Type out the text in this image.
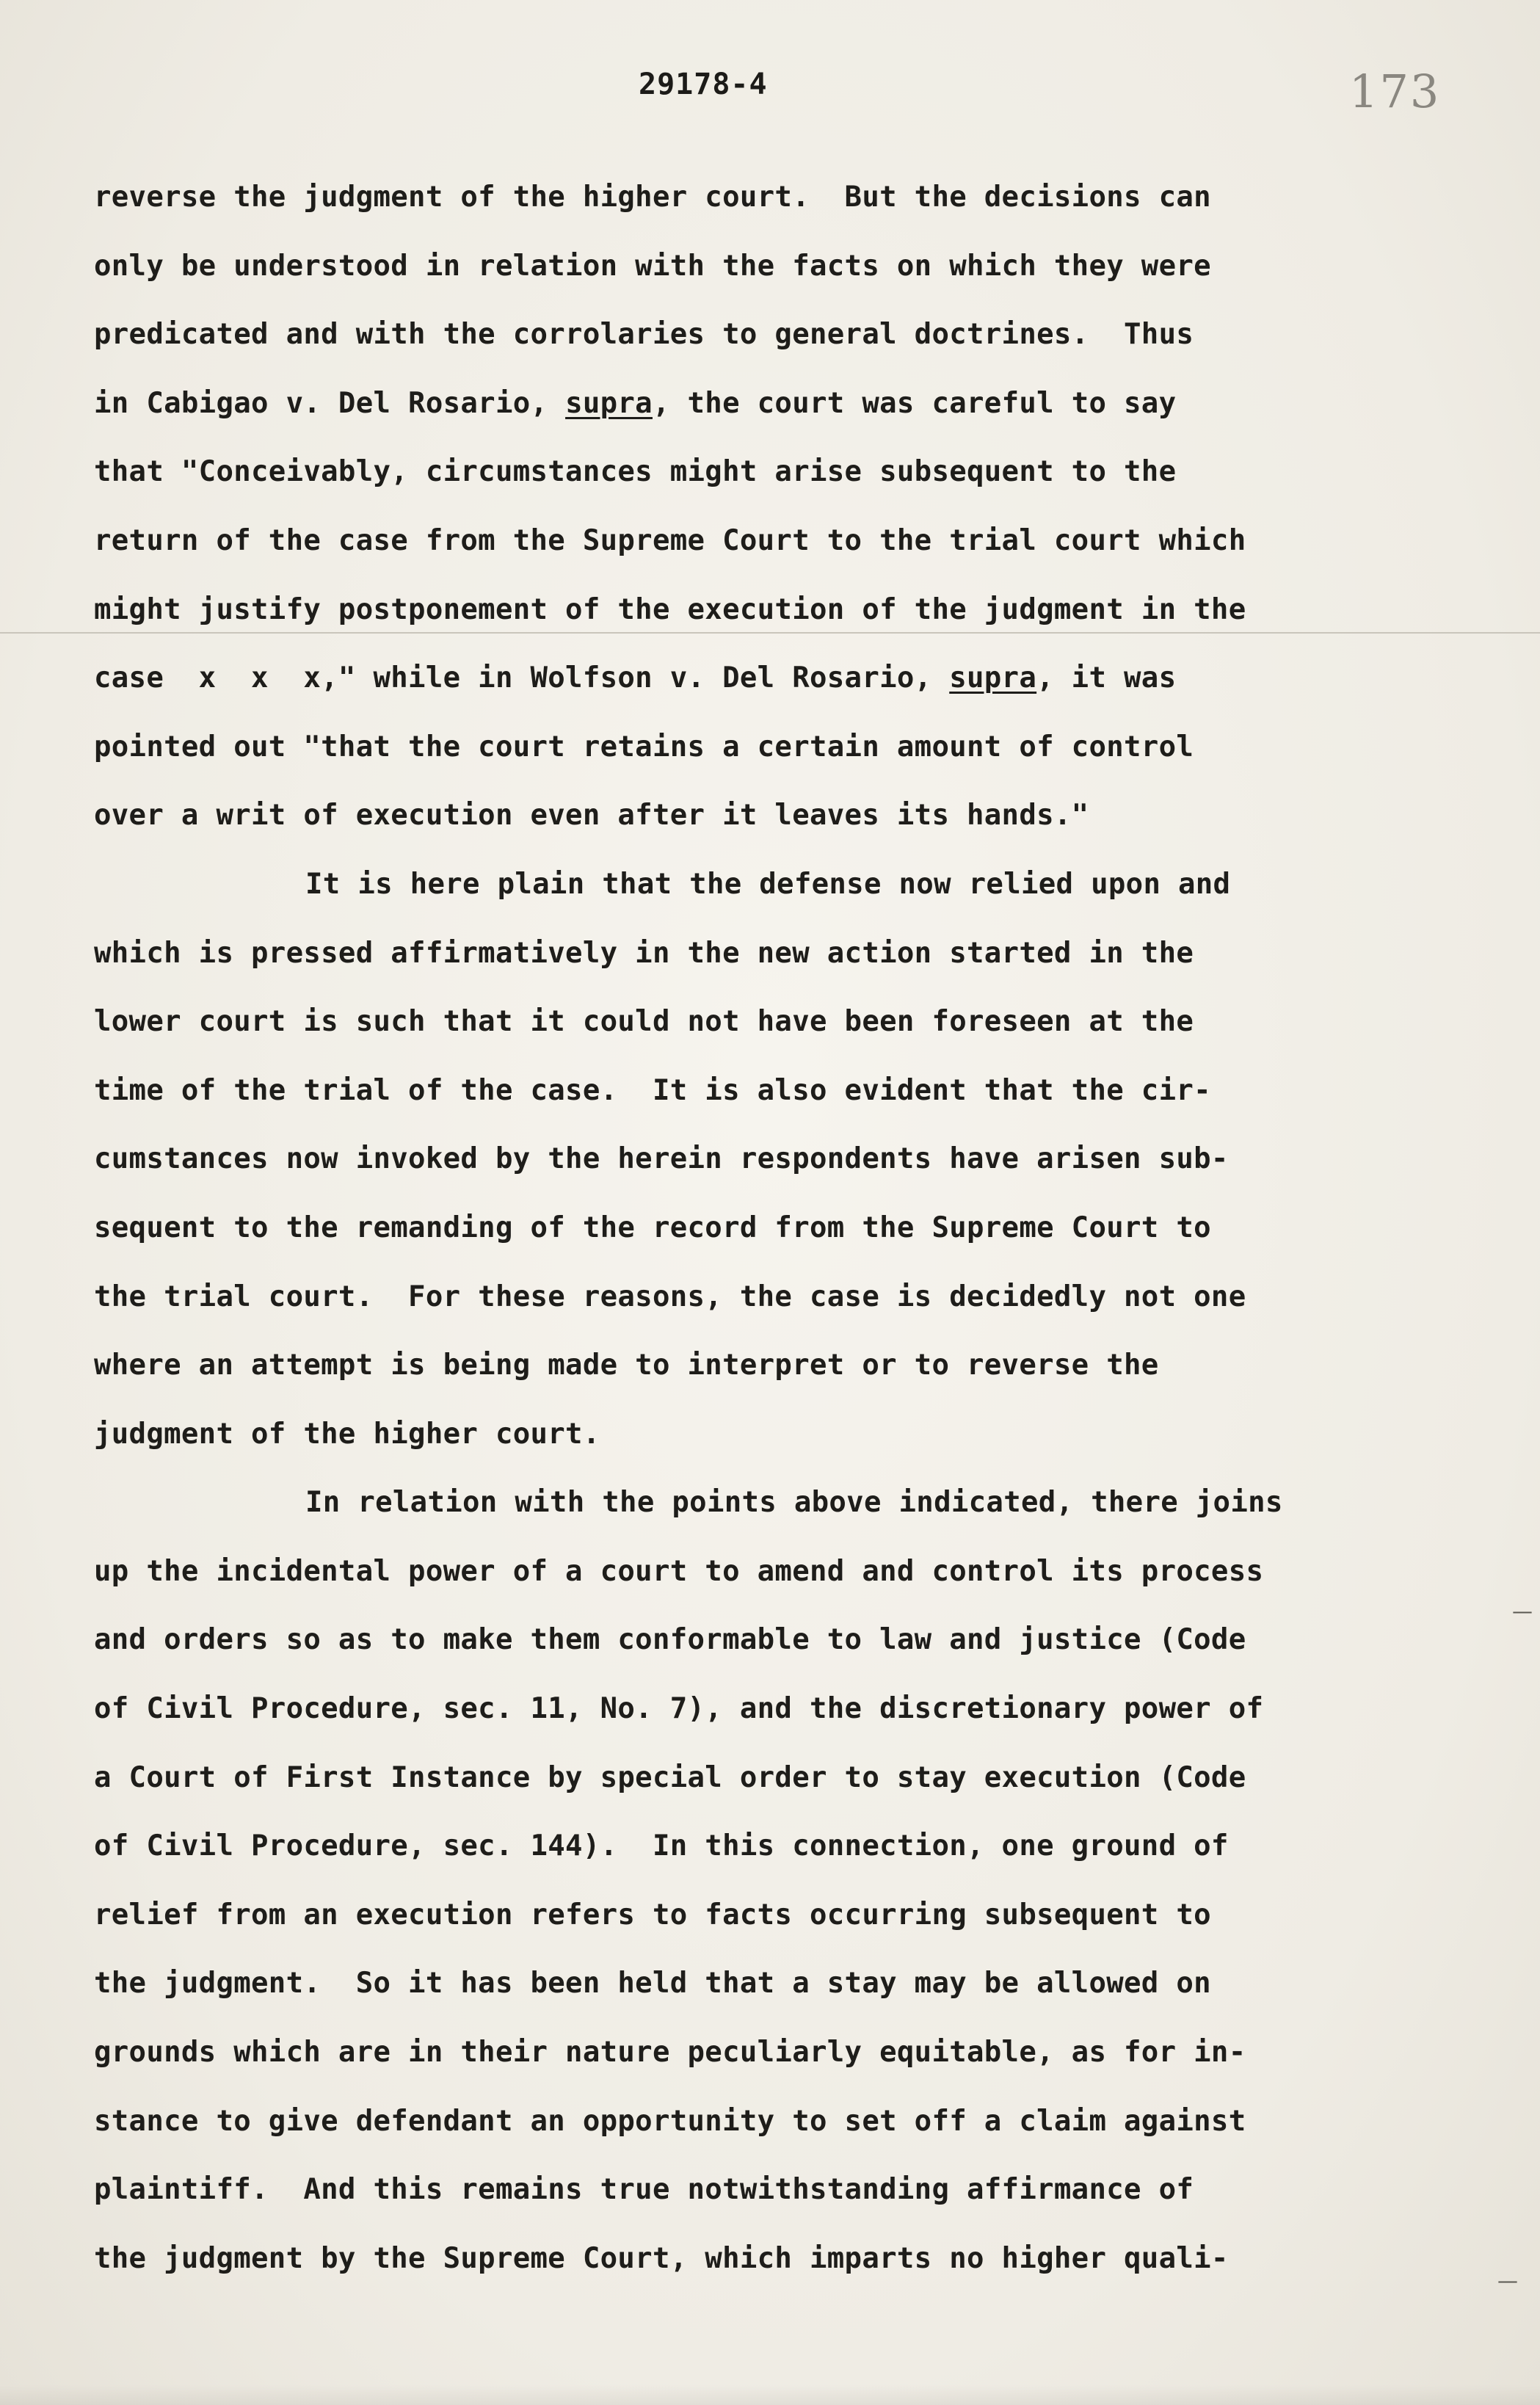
29178-4	173
reverse the judgment of the higher court.  But the decisions can
only be understood in relation with the facts on which they were
predicated and with the corrolaries to general doctrines.  Thus
in Cabigao v. Del Rosario, supra, the court was careful to say
that "Conceivably, circumstances might arise subsequent to the
return of the case from the Supreme Court to the trial court which
might justify postponement of the execution of the judgment in the
case  x  x  x," while in Wolfson v. Del Rosario, supra, it was
pointed out "that the court retains a certain amount of control
over a writ of execution even after it leaves its hands."
It is here plain that the defense now relied upon and
which is pressed affirmatively in the new action started in the
lower court is such that it could not have been foreseen at the
time of the trial of the case.  It is also evident that the cir-
cumstances now invoked by the herein respondents have arisen sub-
sequent to the remanding of the record from the Supreme Court to
the trial court.  For these reasons, the case is decidedly not one
where an attempt is being made to interpret or to reverse the
judgment of the higher court.
In relation with the points above indicated, there joins
up the incidental power of a court to amend and control its process
and orders so as to make them conformable to law and justice (Code
of Civil Procedure, sec. 11, No. 7), and the discretionary power of
a Court of First Instance by special order to stay execution (Code
of Civil Procedure, sec. 144).  In this connection, one ground of
relief from an execution refers to facts occurring subsequent to
the judgment.  So it has been held that a stay may be allowed on
grounds which are in their nature peculiarly equitable, as for in-
stance to give defendant an opportunity to set off a claim against
plaintiff.  And this remains true notwithstanding affirmance of
the judgment by the Supreme Court, which imparts no higher quali-
—
—
